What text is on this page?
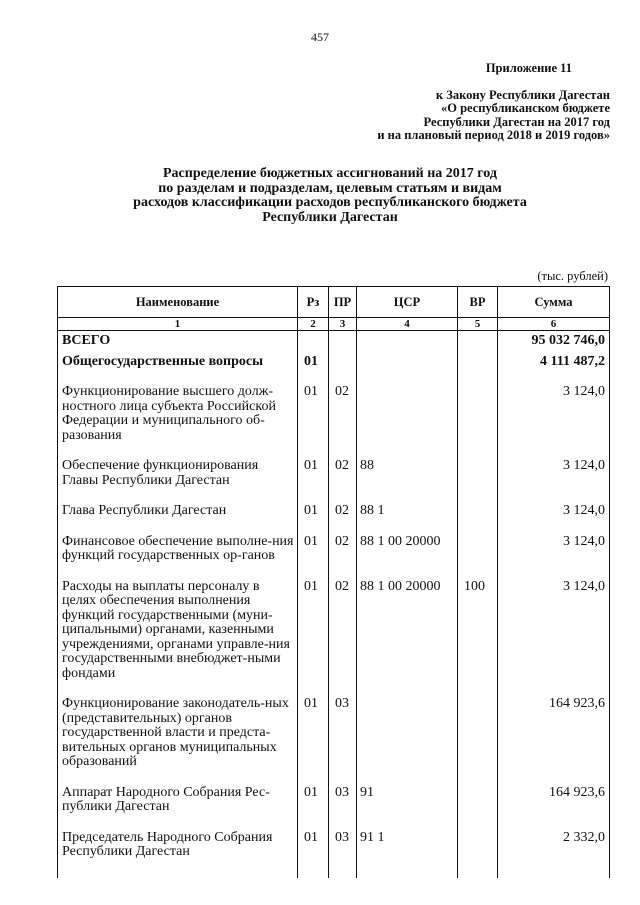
457
Приложение 11
к Закону Республики Дагестан
«О республиканском бюджете
Республики Дагестан на 2017 год
и на плановый период 2018 и 2019 годов»
Распределение бюджетных ассигнований на 2017 год
по разделам и подразделам, целевым статьям и видам
расходов классификации расходов республиканского бюджета
Республики Дагестан
(тыс. рублей)
Наименование	Рз	ПР	ЦСР	ВР	Сумма
1	2	3	4	5	6
ВСЕГО					95 032 746,0
Общегосударственные вопросы	01				4 111 487,2
Функционирование высшего долж-ностного лица субъекта Российской Федерации и муниципального об-разования	01	02			3 124,0
Обеспечение функционирования Главы Республики Дагестан	01	02	88		3 124,0
Глава Республики Дагестан	01	02	88 1		3 124,0
Финансовое обеспечение выполне-ния функций государственных ор-ганов	01	02	88 1 00 20000		3 124,0
Расходы на выплаты персоналу в целях обеспечения выполнения функций государственными (муни-ципальными) органами, казенными учреждениями, органами управле-ния государственными внебюджет-ными фондами	01	02	88 1 00 20000	100	3 124,0
Функционирование законодатель-ных (представительных) органов государственной власти и предста-вительных органов муниципальных образований	01	03			164 923,6
Аппарат Народного Собрания Рес-публики Дагестан	01	03	91		164 923,6
Председатель Народного Собрания Республики Дагестан	01	03	91 1		2 332,0
